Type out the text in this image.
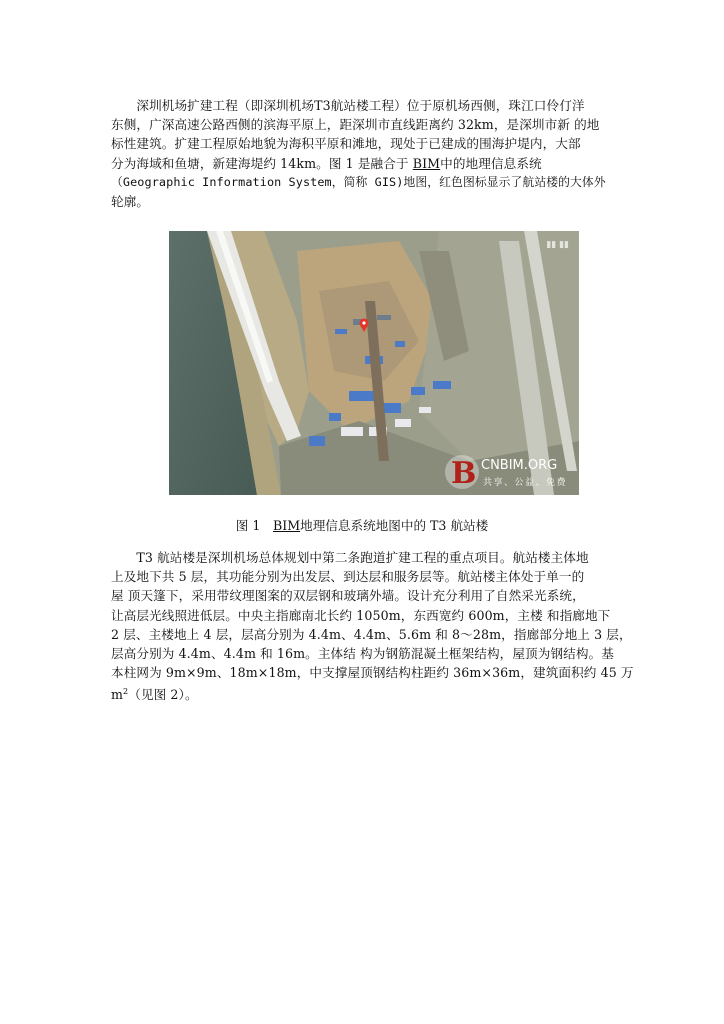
　　深圳机场扩建工程（即深圳机场T3航站楼工程）位于原机场西侧，珠江口伶仃洋
东侧，广深高速公路西侧的滨海平原上，距深圳市直线距离约 32km，是深圳市新 的地
标性建筑。扩建工程原始地貌为海积平原和滩地，现处于已建成的围海护堤内，大部
分为海域和鱼塘，新建海堤约 14km。图 1 是融合于 BIM中的地理信息系统
（Geographic Information System，简称 GIS)地图，红色图标显示了航站楼的大体外
轮廓。
▮▮ ▮▮
B CNBIM.ORG
共享、公益、免费
图 1　BIM地理信息系统地图中的 T3 航站楼
　　T3 航站楼是深圳机场总体规划中第二条跑道扩建工程的重点项目。航站楼主体地
上及地下共 5 层，其功能分别为出发层、到达层和服务层等。航站楼主体处于单一的
屋 顶天篷下，采用带纹理图案的双层钢和玻璃外墙。设计充分利用了自然采光系统，
让高层光线照进低层。中央主指廊南北长约 1050m，东西宽约 600m，主楼 和指廊地下
2 层、主楼地上 4 层，层高分别为 4.4m、4.4m、5.6m 和 8～28m，指廊部分地上 3 层，
层高分别为 4.4m、4.4m 和 16m。主体结 构为钢筋混凝土框架结构，屋顶为钢结构。基
本柱网为 9m×9m、18m×18m，中支撑屋顶钢结构柱距约 36m×36m，建筑面积约 45 万
$m^2$（见图 2）。
